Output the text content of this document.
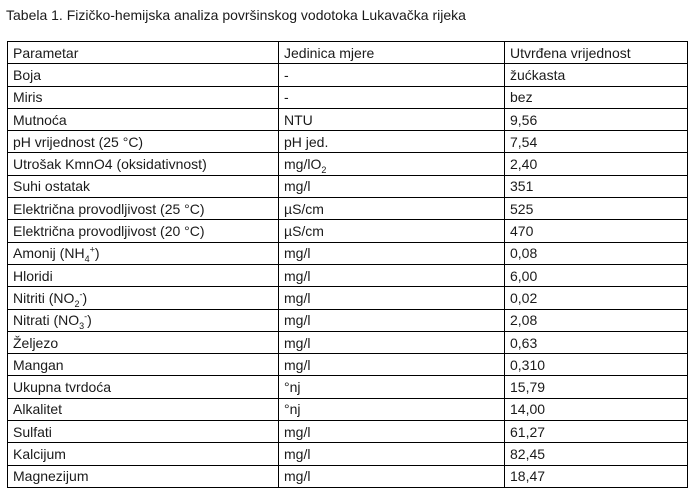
Tabela 1. Fizičko-hemijska analiza površinskog vodotoka Lukavačka rijeka
Parametar	Jedinica mjere	Utvrđena vrijednost
Boja	-	žućkasta
Miris	-	bez
Mutnoća	NTU	9,56
pH vrijednost (25 °C)	pH jed.	7,54
Utrošak KmnO4 (oksidativnost)	$mg/lO_2$	2,40
Suhi ostatak	mg/l	351
Električna provodljivost (25 °C)	µS/cm	525
Električna provodljivost (20 °C)	µS/cm	470
Amonij $(NH_4^+)$	mg/l	0,08
Hloridi	mg/l	6,00
Nitriti $(NO_2^-)$	mg/l	0,02
Nitrati $(NO_3^-)$	mg/l	2,08
Željezo	mg/l	0,63
Mangan	mg/l	0,310
Ukupna tvrdoća	°nj	15,79
Alkalitet	°nj	14,00
Sulfati	mg/l	61,27
Kalcijum	mg/l	82,45
Magnezijum	mg/l	18,47
